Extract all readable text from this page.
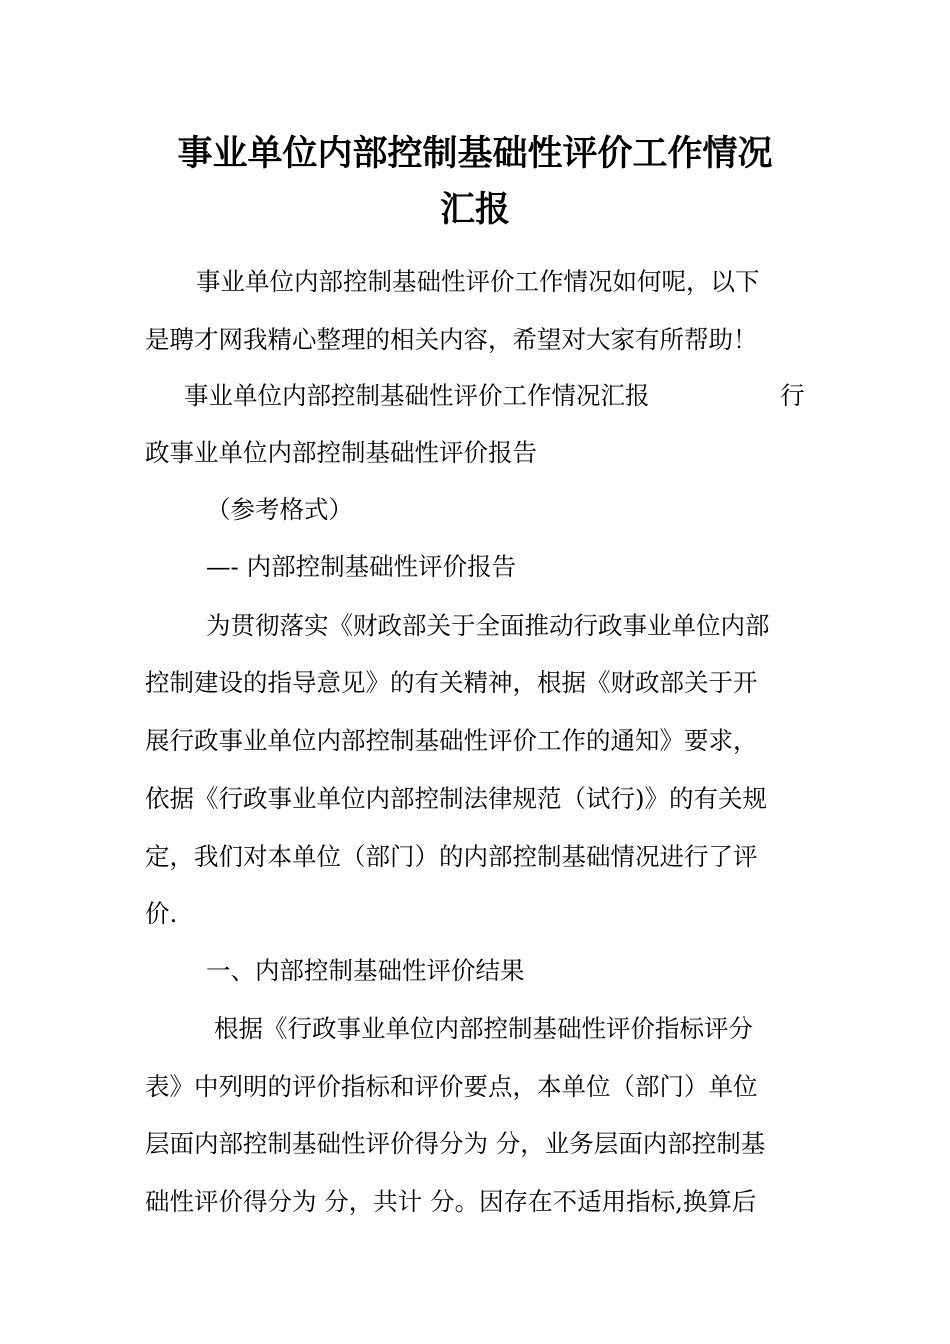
事业单位内部控制基础性评价工作情况
汇报
事业单位内部控制基础性评价工作情况如何呢，以下
是聘才网我精心整理的相关内容，希望对大家有所帮助！
事业单位内部控制基础性评价工作情况汇报	行
政事业单位内部控制基础性评价报告
（参考格式）
—- 内部控制基础性评价报告
为贯彻落实《财政部关于全面推动行政事业单位内部
控制建设的指导意见》的有关精神，根据《财政部关于开
展行政事业单位内部控制基础性评价工作的通知》要求，
依据《行政事业单位内部控制法律规范（试行)》的有关规
定，我们对本单位（部门）的内部控制基础情况进行了评
价.
一、内部控制基础性评价结果
根据《行政事业单位内部控制基础性评价指标评分
表》中列明的评价指标和评价要点，本单位（部门）单位
层面内部控制基础性评价得分为 分，业务层面内部控制基
础性评价得分为 分，共计 分。因存在不适用指标,换算后
